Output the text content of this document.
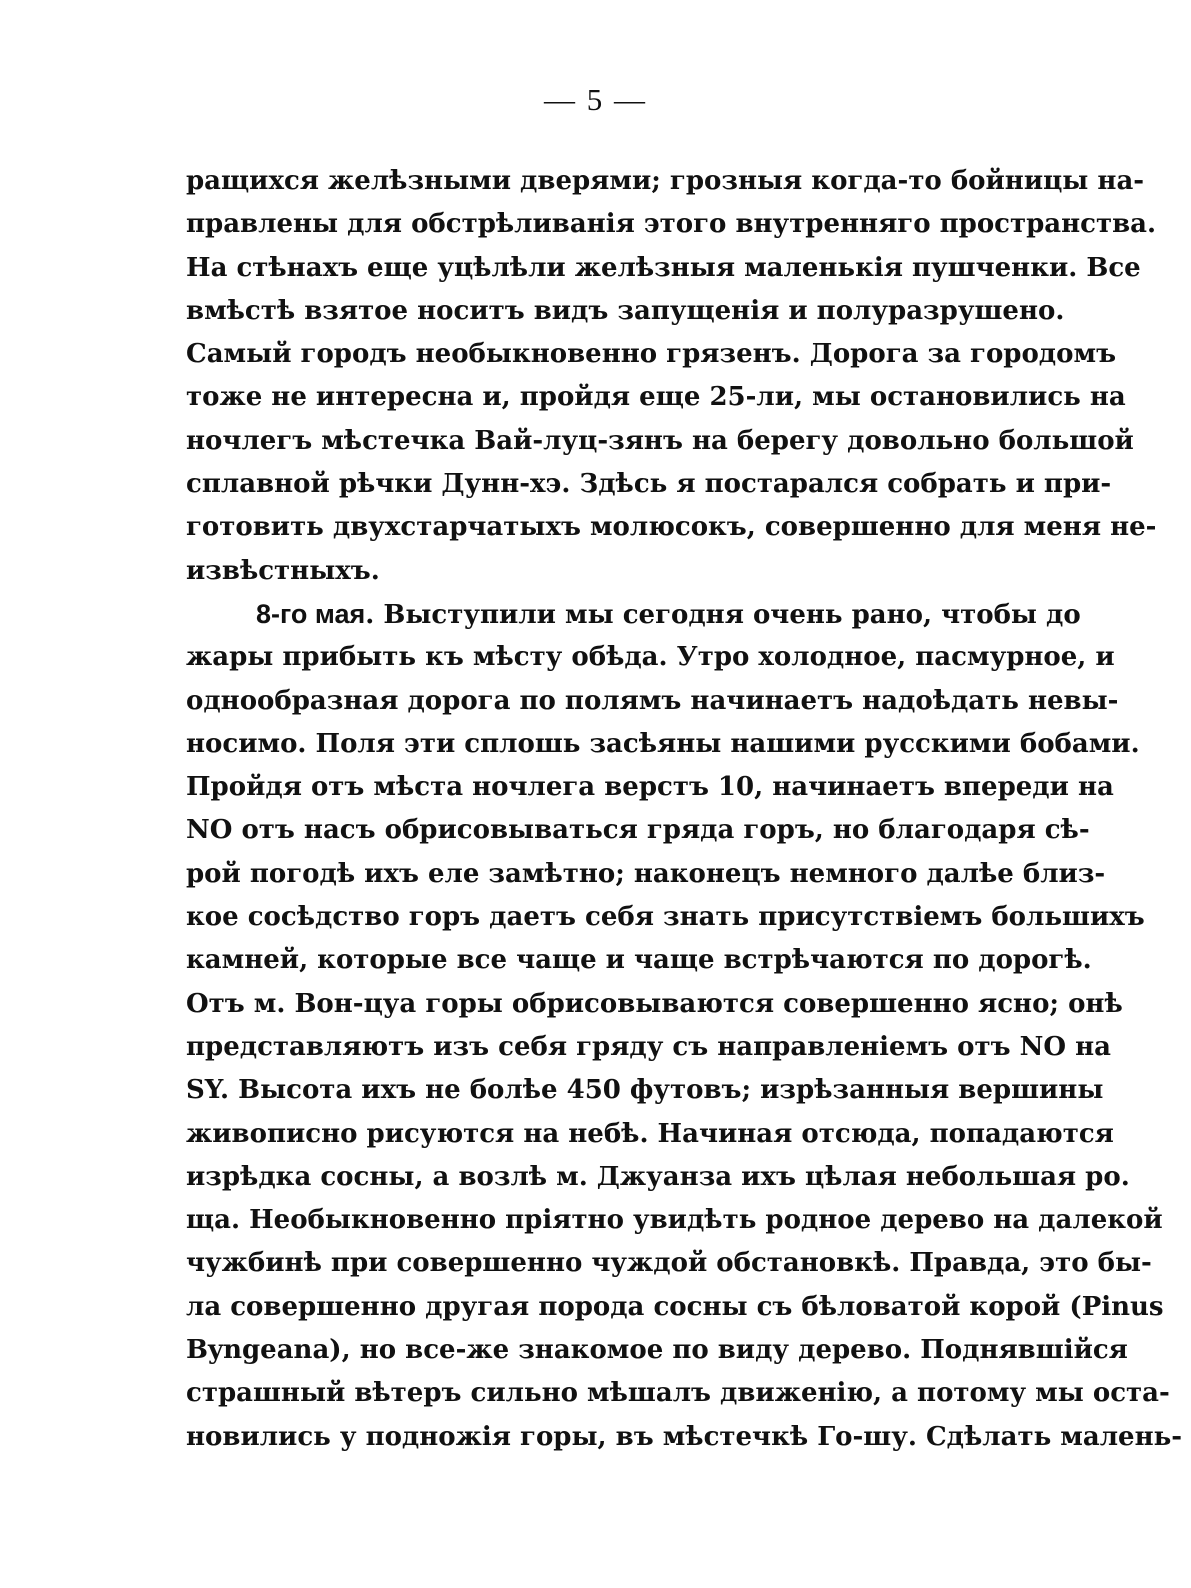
— 5 —
ращихся желѣзными дверями; грозныя когда-то бойницы на-
правлены для обстрѣливанія этого внутренняго пространства.
На стѣнахъ еще уцѣлѣли желѣзныя маленькія пушченки. Все
вмѣстѣ взятое носитъ видъ запущенія и полуразрушено.
Самый городъ необыкновенно грязенъ. Дорога за городомъ
тоже не интересна и, пройдя еще 25-ли, мы остановились на
ночлегъ мѣстечка Вай-луц-зянъ на берегу довольно большой
сплавной рѣчки Дунн-хэ. Здѣсь я постарался собрать и при-
готовить двухстарчатыхъ молюсокъ, совершенно для меня не-
извѣстныхъ.
8-го мая. Выступили мы сегодня очень рано, чтобы до
жары прибыть къ мѣсту обѣда. Утро холодное, пасмурное, и
однообразная дорога по полямъ начинаетъ надоѣдать невы-
носимо. Поля эти сплошь засѣяны нашими русскими бобами.
Пройдя отъ мѣста ночлега верстъ 10, начинаетъ впереди на
NO отъ насъ обрисовываться гряда горъ, но благодаря сѣ-
рой погодѣ ихъ еле замѣтно; наконецъ немного далѣе близ-
кое сосѣдство горъ даетъ себя знать присутствіемъ большихъ
камней, которые все чаще и чаще встрѣчаются по дорогѣ.
Отъ м. Вон-цуа горы обрисовываются совершенно ясно; онѣ
представляютъ изъ себя гряду съ направленіемъ отъ NO на
SY. Высота ихъ не болѣе 450 футовъ; изрѣзанныя вершины
живописно рисуются на небѣ. Начиная отсюда, попадаются
изрѣдка сосны, а возлѣ м. Джуанза ихъ цѣлая небольшая ро.
ща. Необыкновенно пріятно увидѣть родное дерево на далекой
чужбинѣ при совершенно чуждой обстановкѣ. Правда, это бы-
ла совершенно другая порода сосны съ бѣловатой корой (Pinus
Byngeana), но все-же знакомое по виду дерево. Поднявшійся
страшный вѣтеръ сильно мѣшалъ движенію, а потому мы оста-
новились у подножія горы, въ мѣстечкѣ Го-шу. Сдѣлать малень-
